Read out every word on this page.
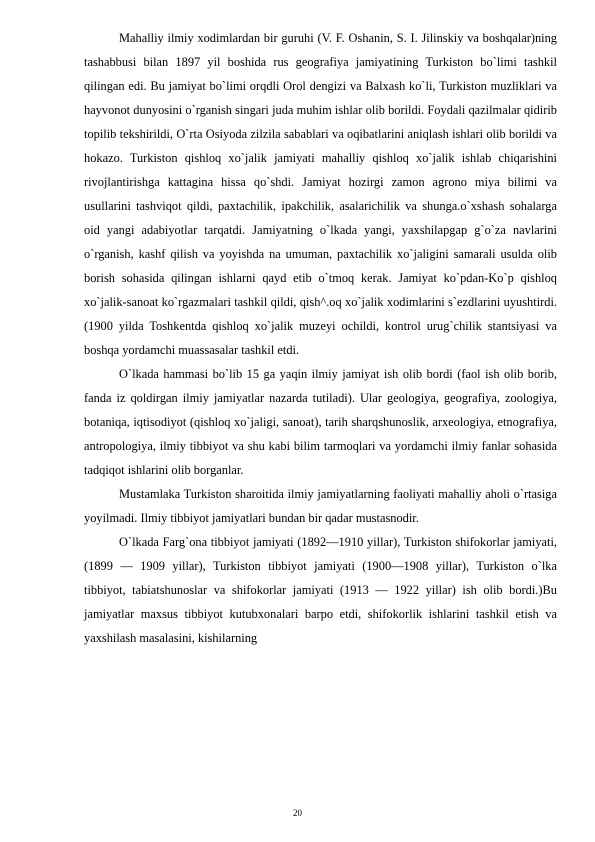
Mahalliy ilmiy xodimlardan bir guruhi (V. F. Oshanin, S. I. Jilinskiy va boshqalar)ning tashabbusi bilan 1897 yil boshida rus geografiya jamiyatining Turkiston bo`limi tashkil qilingan edi. Bu jamiyat bo`limi orqdli Orol dengizi va Balxash ko`li, Turkiston muzliklari va hayvonot dunyosini o`rganish singari juda muhim ishlar olib borildi. Foydali qazilmalar qidirib topilib tekshirildi, O`rta Osiyoda zilzila sabablari va oqibatlarini aniqlash ishlari olib borildi va hokazo. Turkiston qishloq xo`jalik jamiyati mahalliy qishloq xo`jalik ishlab chiqarishini rivojlantirishga kattagina hissa qo`shdi. Jamiyat hozirgi zamon agrono miya bilimi va usullarini tashviqot qildi, paxtachilik, ipakchilik, asalarichilik va shunga.o`xshash sohalarga oid yangi adabiyotlar tarqatdi. Jamiyatning o`lkada yangi, yaxshilapgap g`o`za navlarini o`rganish, kashf qilish va yoyishda na umuman, paxtachilik xo`jaligini samarali usulda olib borish sohasida qilingan ishlarni qayd etib o`tmoq kerak. Jamiyat ko`pdan-Ko`p qishloq xo`jalik-sanoat ko`rgazmalari tashkil qildi, qish^.oq xo`jalik xodimlarini s`ezdlarini uyushtirdi. (1900 yilda Toshkentda qishloq xo`jalik muzeyi ochildi, kontrol urug`chilik stantsiyasi va boshqa yordamchi muassasalar tashkil etdi.

O`lkada hammasi bo`lib 15 ga yaqin ilmiy jamiyat ish olib bordi (faol ish olib borib, fanda iz qoldirgan ilmiy jamiyatlar nazarda tutiladi). Ular geologiya, geografiya, zoologiya, botaniqa, iqtisodiyot (qishloq xo`jaligi, sanoat), tarih sharqshunoslik, arxeologiya, etnografiya, antropologiya, ilmiy tibbiyot va shu kabi bilim tarmoqlari va yordamchi ilmiy fanlar sohasida tadqiqot ishlarini olib borganlar.

Mustamlaka Turkiston sharoitida ilmiy jamiyatlarning faoliyati mahalliy aholi o`rtasiga yoyilmadi. Ilmiy tibbiyot jamiyatlari bundan bir qadar mustasnodir.

O`lkada Farg`ona tibbiyot jamiyati (1892—1910 yillar), Turkiston shifokorlar jamiyati,(1899 — 1909 yillar), Turkiston tibbiyot jamiyati (1900—1908 yillar), Turkiston o`lka tibbiyot, tabiatshunoslar va shifokorlar jamiyati (1913 — 1922 yillar) ish olib bordi.)Bu jamiyatlar maxsus tibbiyot kutubxonalari barpo etdi, shifokorlik ishlarini tashkil etish va yaxshilash masalasini, kishilarning

20
